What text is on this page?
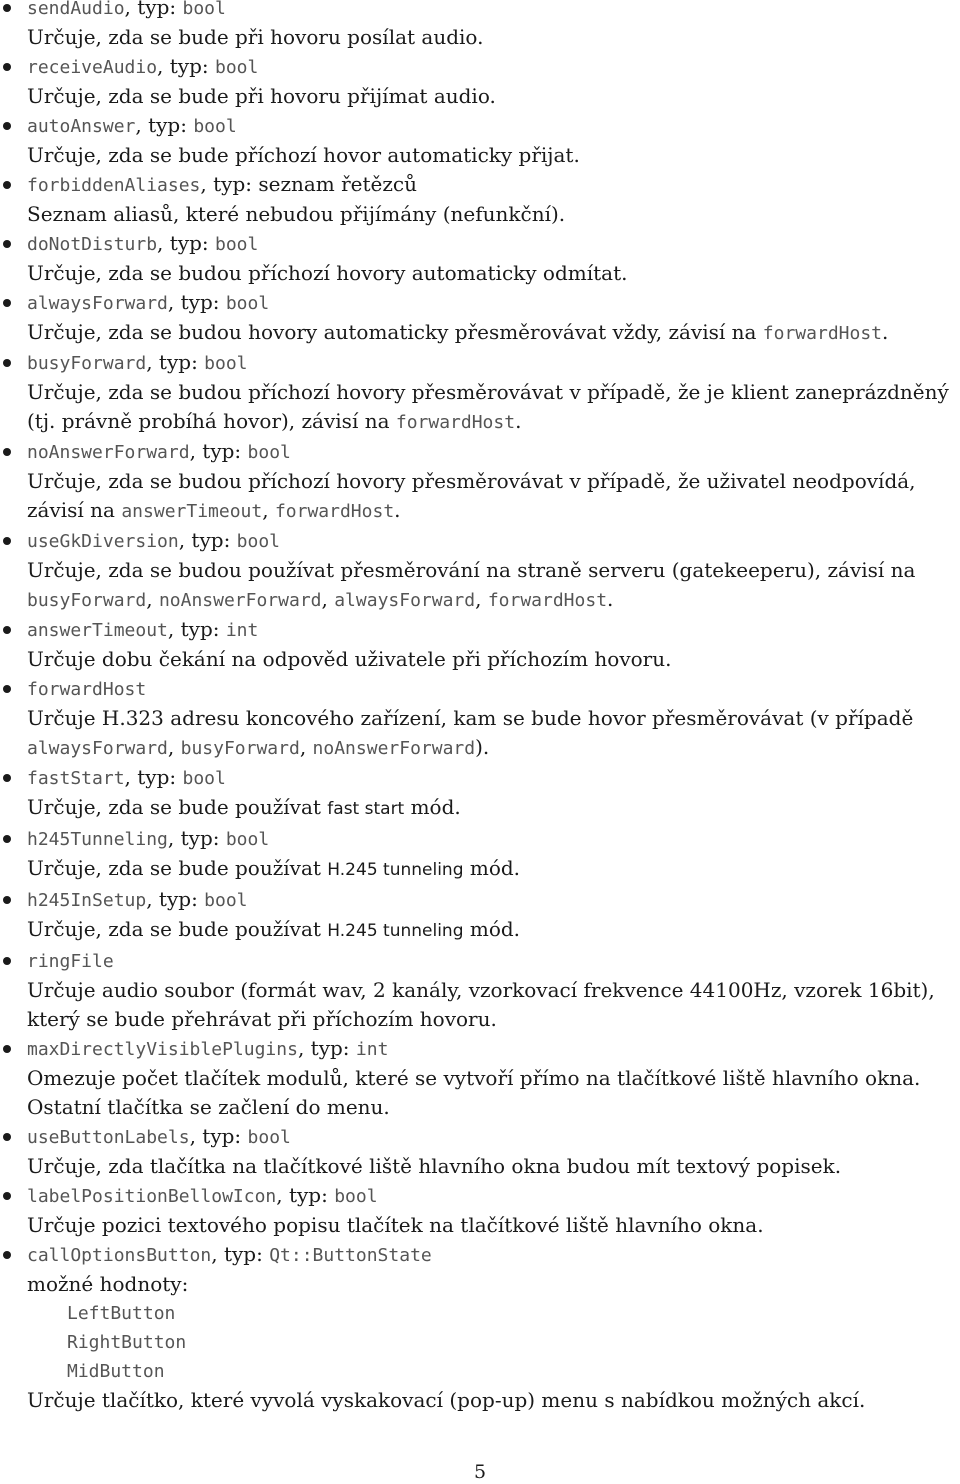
sendAudio, typ: bool

Určuje, zda se bude při hovoru posílat audio.

receiveAudio, typ: bool

Určuje, zda se bude při hovoru přijímat audio.

autoAnswer, typ: bool

Určuje, zda se bude příchozí hovor automaticky přijat.

forbiddenAliases, typ: seznam řetězců

Seznam aliasů, které nebudou přijímány (nefunkční).

doNotDisturb, typ: bool

Určuje, zda se budou příchozí hovory automaticky odmítat.

alwaysForward, typ: bool

Určuje, zda se budou hovory automaticky přesměrovávat vždy, závisí na forwardHost.

busyForward, typ: bool

Určuje, zda se budou příchozí hovory přesměrovávat v případě, že je klient zaneprázdněný (tj. právně probíhá hovor), závisí na forwardHost.

noAnswerForward, typ: bool

Určuje, zda se budou příchozí hovory přesměrovávat v případě, že uživatel neodpovídá, závisí na answerTimeout, forwardHost.

useGkDiversion, typ: bool

Určuje, zda se budou používat přesměrování na straně serveru (gatekeeperu), závisí na busyForward, noAnswerForward, alwaysForward, forwardHost.

answerTimeout, typ: int

Určuje dobu čekání na odpověd uživatele při příchozím hovoru.

forwardHost

Určuje H.323 adresu koncového zařízení, kam se bude hovor přesměrovávat (v případě alwaysForward, busyForward, noAnswerForward).

fastStart, typ: bool

Určuje, zda se bude používat fast start mód.

h245Tunneling, typ: bool

Určuje, zda se bude používat H.245 tunneling mód.

h245InSetup, typ: bool

Určuje, zda se bude používat H.245 tunneling mód.

ringFile

Určuje audio soubor (formát wav, 2 kanály, vzorkovací frekvence 44100Hz, vzorek 16bit), který se bude přehrávat při příchozím hovoru.

maxDirectlyVisiblePlugins, typ: int

Omezuje počet tlačítek modulů, které se vytvoří přímo na tlačítkové liště hlavního okna. Ostatní tlačítka se začlení do menu.

useButtonLabels, typ: bool

Určuje, zda tlačítka na tlačítkové liště hlavního okna budou mít textový popisek.

labelPositionBellowIcon, typ: bool

Určuje pozici textového popisu tlačítek na tlačítkové liště hlavního okna.

callOptionsButton, typ: Qt::ButtonState
možné hodnoty:
LeftButton
RightButton
MidButton

Určuje tlačítko, které vyvolá vyskakovací (pop-up) menu s nabídkou možných akcí.

5
